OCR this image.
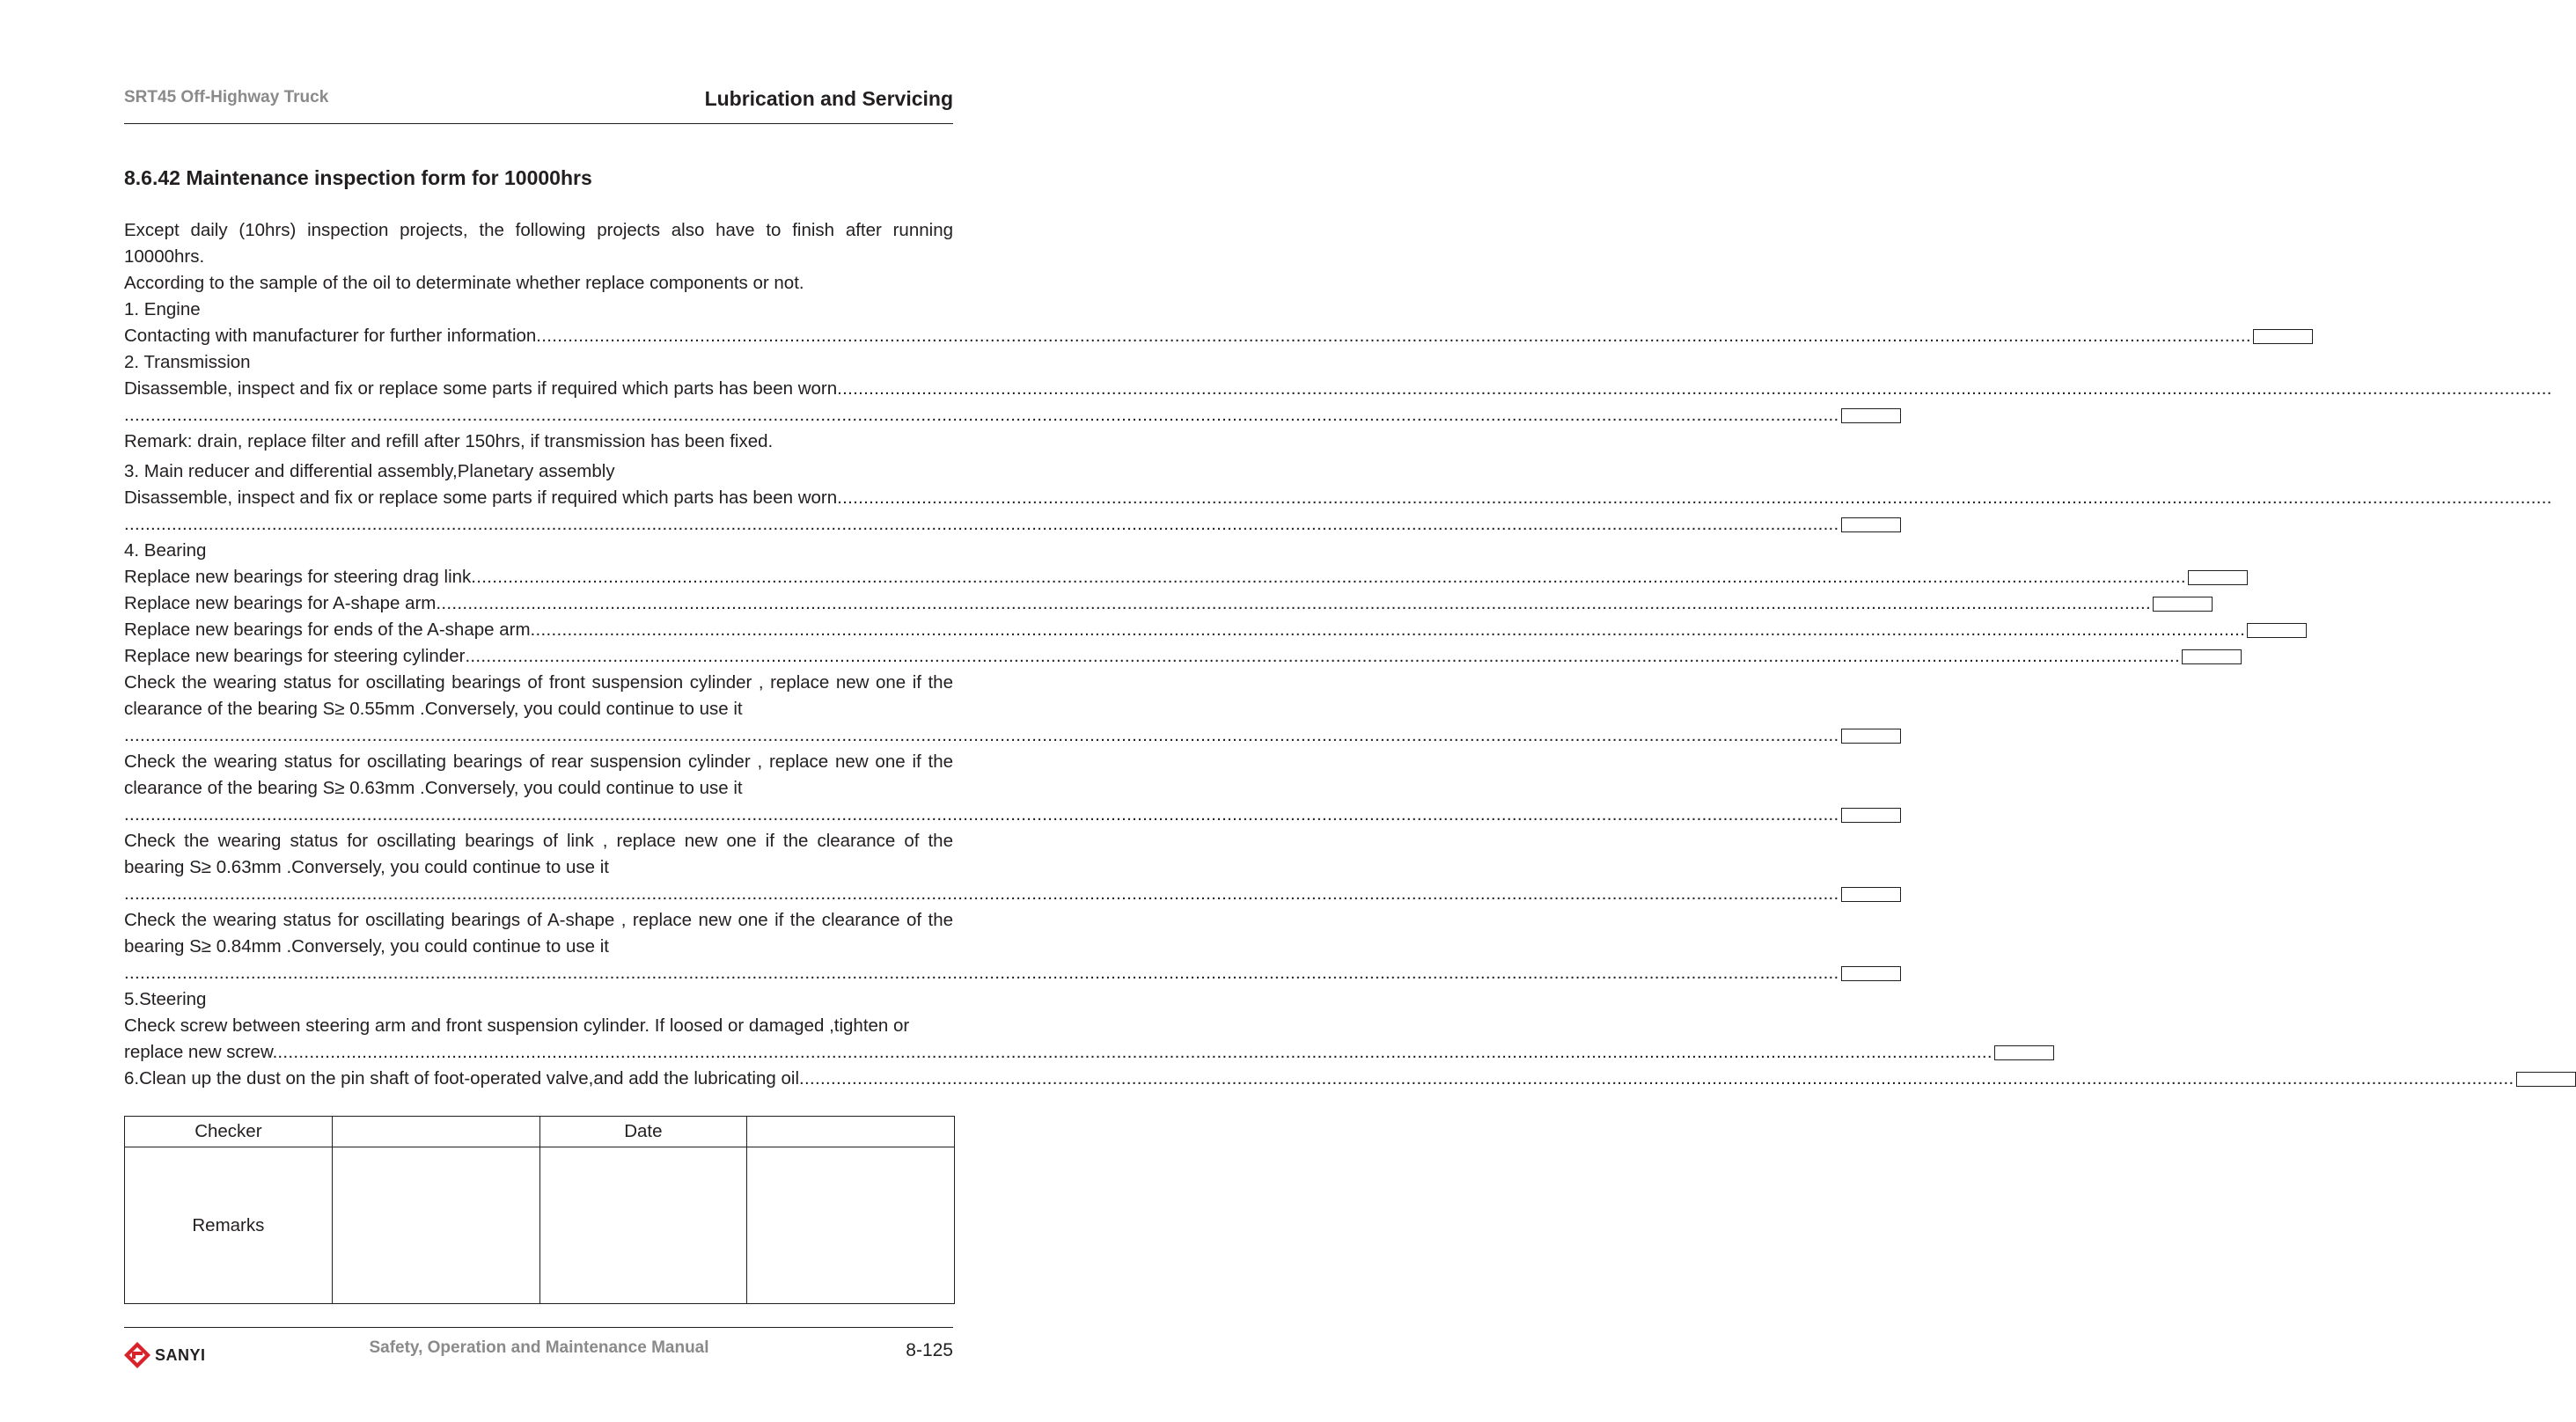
SRT45 Off-Highway Truck	Lubrication and Servicing
8.6.42 Maintenance inspection form for 10000hrs

Except daily (10hrs) inspection projects, the following projects also have to finish after running 10000hrs.

According to the sample of the oil to determinate whether replace components or not.

1. Engine

Contacting with manufacturer for further information .....................................................................................................................................................................................................................................................................................................................................

2. Transmission

Disassemble, inspect and fix or replace some parts if required which parts has been worn .....................................................................................................................................................................................................................................................................................................................................
.....................................................................................................................................................................................................................................................................................................................................

Remark: drain, replace filter and refill after 150hrs, if transmission has been fixed.

3. Main reducer and differential assembly,Planetary assembly

Disassemble, inspect and fix or replace some parts if required which parts has been worn .....................................................................................................................................................................................................................................................................................................................................
.....................................................................................................................................................................................................................................................................................................................................

4. Bearing

Replace new bearings for steering drag link .....................................................................................................................................................................................................................................................................................................................................
Replace new bearings for A-shape arm .....................................................................................................................................................................................................................................................................................................................................
Replace new bearings for ends of the A-shape arm .....................................................................................................................................................................................................................................................................................................................................
Replace new bearings for steering cylinder .....................................................................................................................................................................................................................................................................................................................................

Check the wearing status for oscillating bearings of front suspension cylinder , replace new one if the clearance of the bearing S≥ 0.55mm .Conversely, you could continue to use it

.....................................................................................................................................................................................................................................................................................................................................

Check the wearing status for oscillating bearings of rear suspension cylinder , replace new one if the clearance of the bearing S≥ 0.63mm .Conversely, you could continue to use it

.....................................................................................................................................................................................................................................................................................................................................

Check the wearing status for oscillating bearings of link , replace new one if the clearance of the bearing S≥ 0.63mm .Conversely, you could continue to use it

.....................................................................................................................................................................................................................................................................................................................................

Check the wearing status for oscillating bearings of A-shape , replace new one if the clearance of the bearing S≥ 0.84mm .Conversely, you could continue to use it

.....................................................................................................................................................................................................................................................................................................................................

5.Steering

Check screw between steering arm and front suspension cylinder. If loosed or damaged ,tighten or

replace new screw. .....................................................................................................................................................................................................................................................................................................................................
6.Clean up the dust on the pin shaft of foot-operated valve,and add the lubricating oil .....................................................................................................................................................................................................................................................................................................................................
Checker		Date	
Remarks			
SANYI	Safety, Operation and Maintenance Manual	8-125
